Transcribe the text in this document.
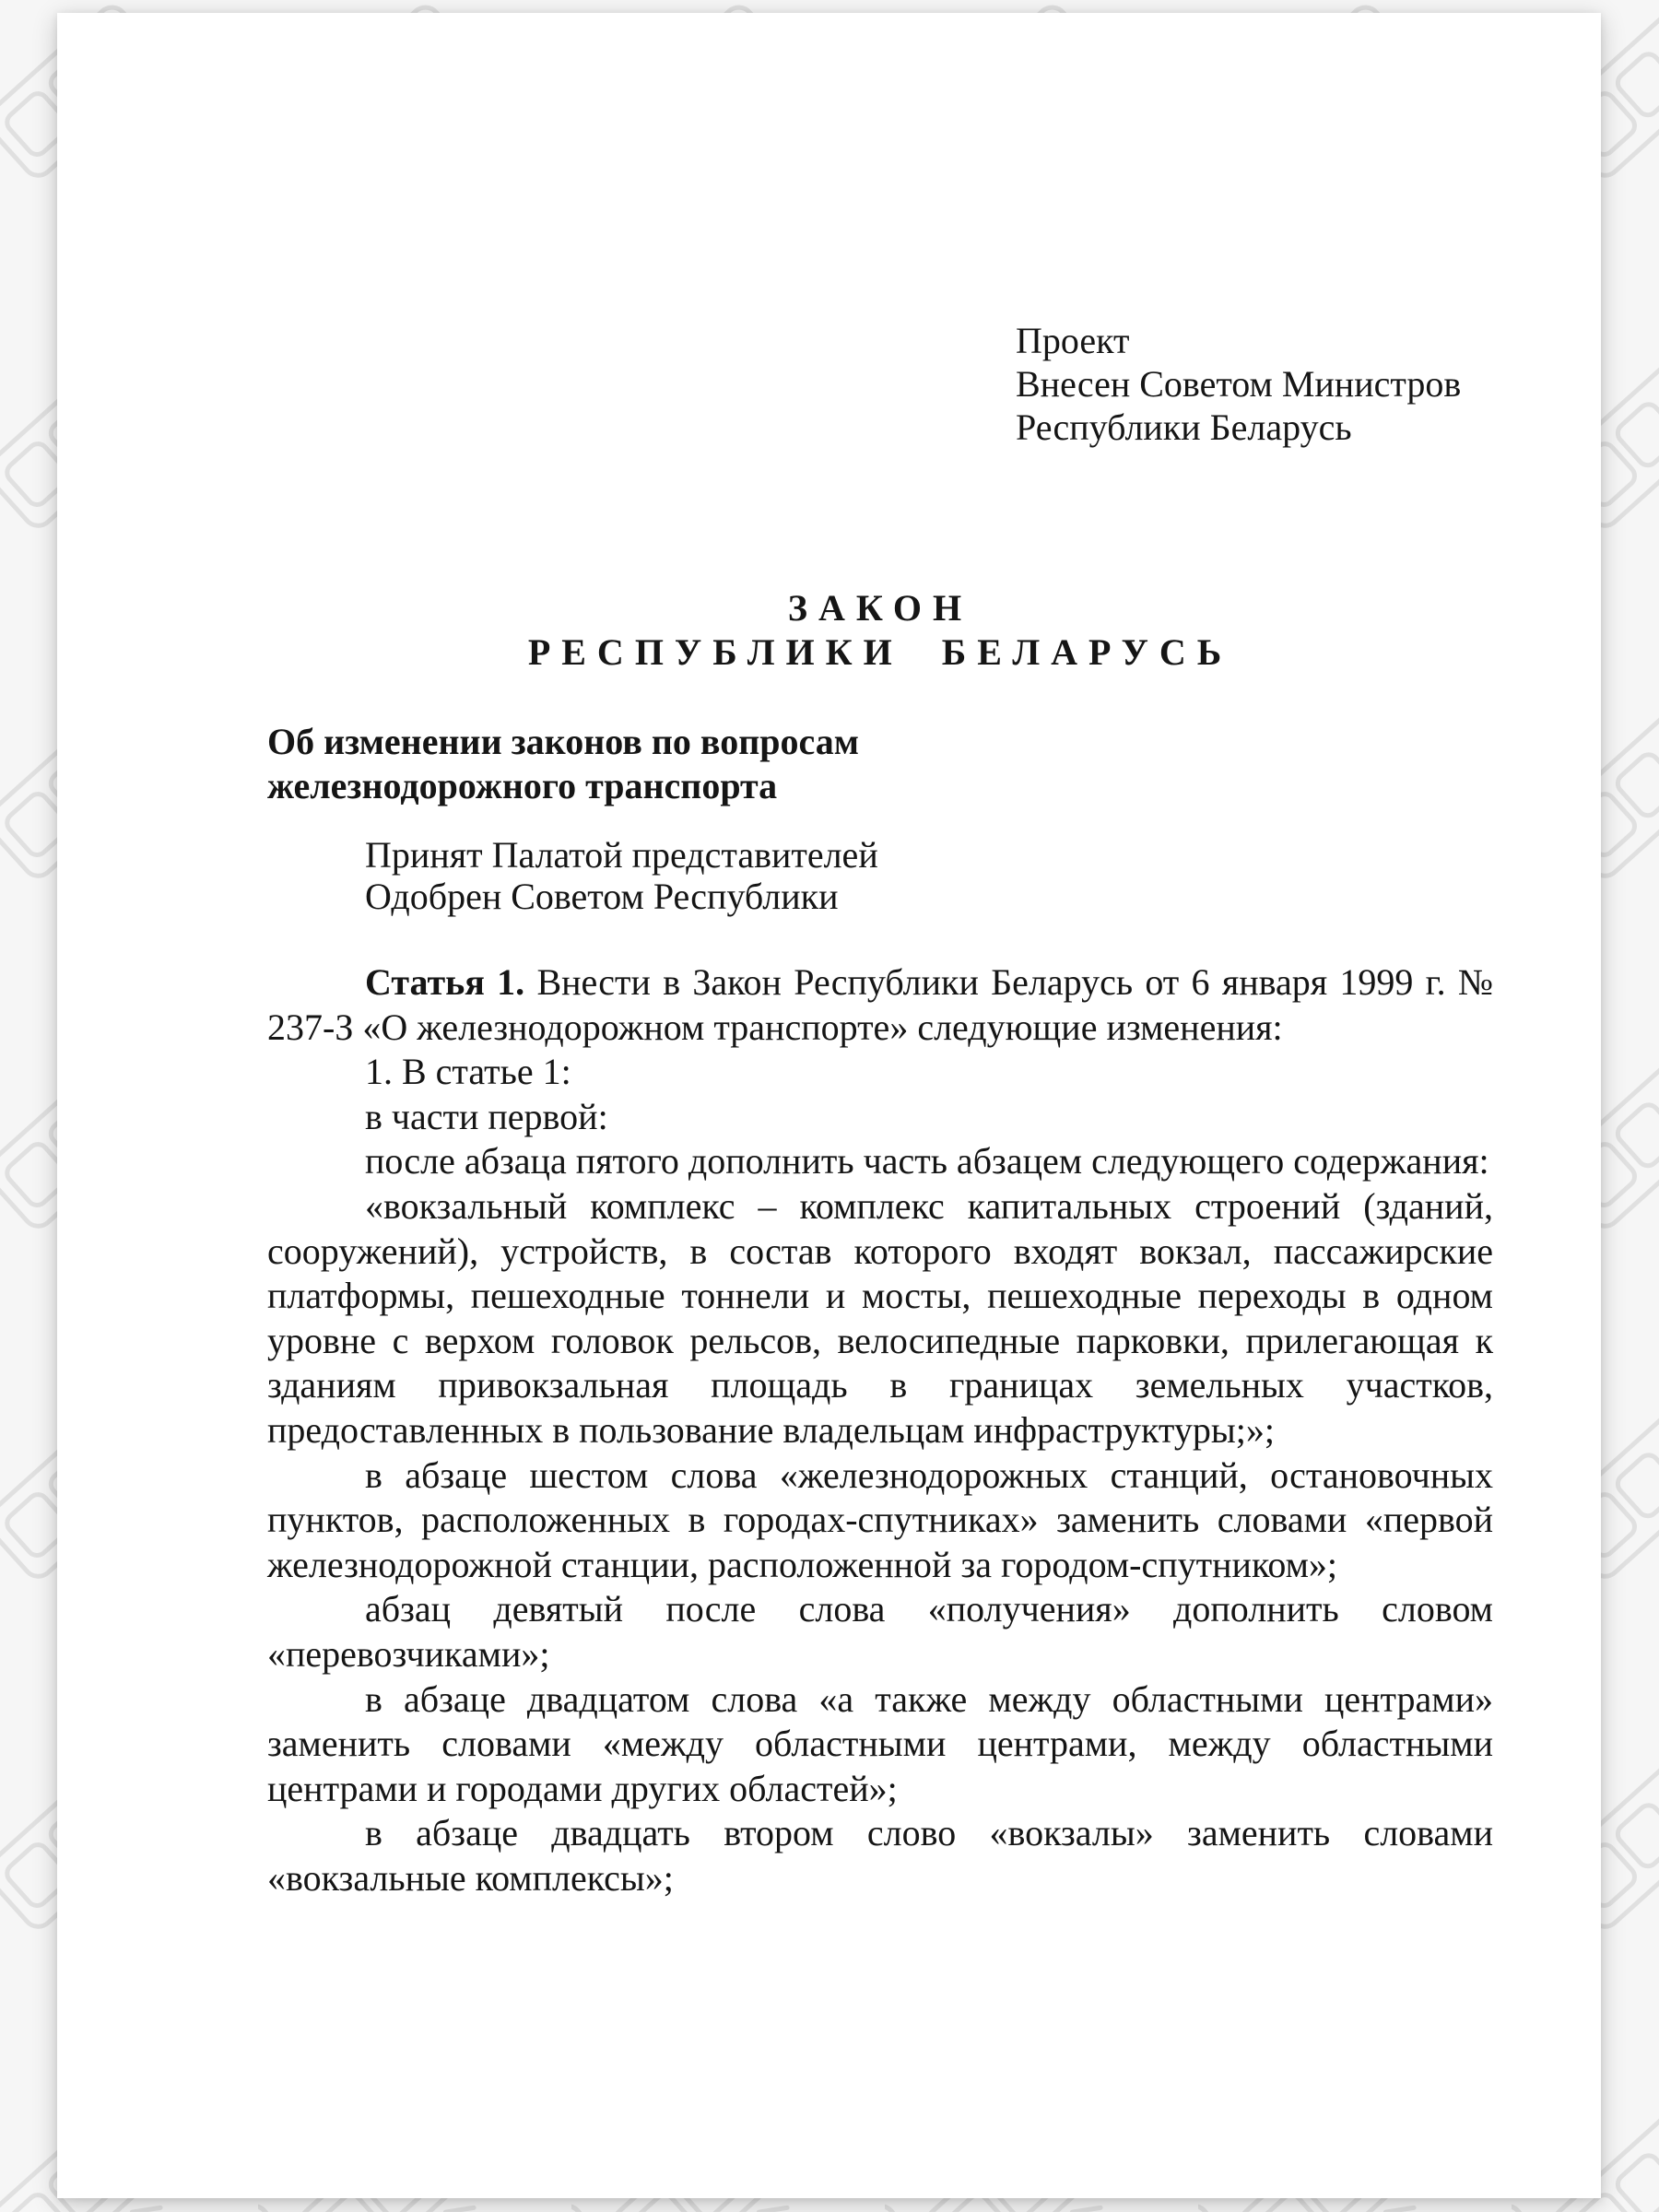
Проект
Внесен Советом Министров
Республики Беларусь
ЗАКОН
РЕСПУБЛИКИ БЕЛАРУСЬ
Об изменении законов по вопросам
железнодорожного транспорта
Принят Палатой представителей
Одобрен Советом Республики

Статья 1. Внести в Закон Республики Беларусь от 6 января 1999 г. № 237-З «О железнодорожном транспорте» следующие изменения:

1. В статье 1:

в части первой:

после абзаца пятого дополнить часть абзацем следующего содержания:

«вокзальный комплекс – комплекс капитальных строений (зданий, сооружений), устройств, в состав которого входят вокзал, пассажирские платформы, пешеходные тоннели и мосты, пешеходные переходы в одном уровне с верхом головок рельсов, велосипедные парковки, прилегающая к зданиям привокзальная площадь в границах земельных участков, предоставленных в пользование владельцам инфраструктуры;»;

в абзаце шестом слова «железнодорожных станций, остановочных пунктов, расположенных в городах-спутниках» заменить словами «первой железнодорожной станции, расположенной за городом-спутником»;

абзац девятый после слова «получения» дополнить словом «перевозчиками»;

в абзаце двадцатом слова «а также между областными центрами» заменить словами «между областными центрами, между областными центрами и городами других областей»;

в абзаце двадцать втором слово «вокзалы» заменить словами «вокзальные комплексы»;
